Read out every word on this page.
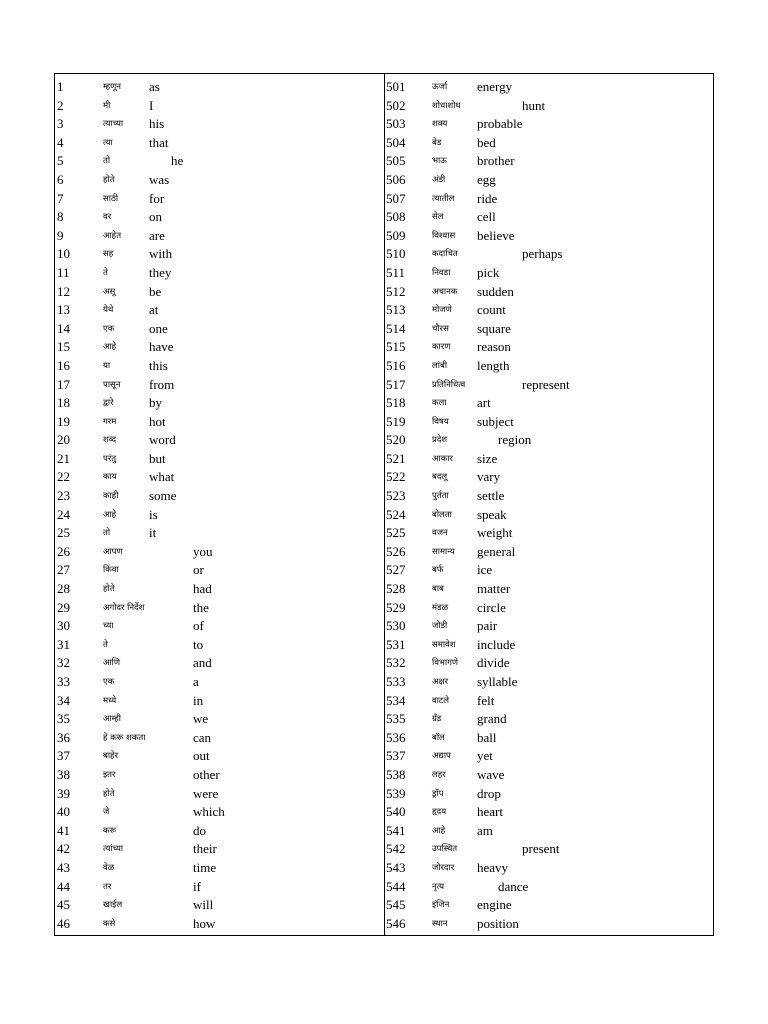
1	म्हणून as
2	मी	I
3	त्याच्या his
4	त्या	that
5	तो	he
6	होते	was
7	साठी for
8	वर	on
9	आहेत are
10	सह	with
11	ते	they
12	असू	be
13	येथे	at
14	एक	one
15	आहे	have
16	या	this
17	पासून from
18	द्वारे	by
19	गरम	hot
20	शब्द	word
21	परंतु	but
22	काय what
23	काही some
24	आहे	is
25	तो	it
26	आपण	you
27	किंवा	or
28	होते	had
29	अगोदर निर्देश	the
30	च्या	of
31	ते	to
32	आणि	and
33	एक	a
34	मध्ये	in
35	आम्ही	we
36	हे करू शकता	can
37	बाहेर	out
38	इतर	other
39	होते	were
40	जे	which
41	करू	do
42	त्यांच्या	their
43	वेळ	time
44	तर	if
45	खाईल	will
46	कसे	how
501	ऊर्जा energy
502	शोधाशोध	hunt
503	शक्य probable
504	बेड	bed
505	भाऊ brother
506	अंडी egg
507	त्यातील ride
508	सेल	cell
509	विश्वास believe
510	कदाचित	perhaps
511	निवडा pick
512	अचानक sudden
513	मोजणे count
514	चौरस square
515	कारण reason
516	लांबी length
517	प्रतिनिधित्व	represent
518	कला art
519	विषय subject
520	प्रदेश	region
521	आकार size
522	बदलू vary
523	पुर्तता settle
524	बोलता speak
525	वजन weight
526	सामान्य general
527	बर्फ	ice
528	बाब	matter
529	मंडळ circle
530	जोडी pair
531	समावेश include
532	विभागणे divide
533	अक्षर syllable
534	वाटले felt
535	ग्रँड	grand
536	बॉल ball
537	अद्याप yet
538	लहर wave
539	ड्रॉप	drop
540	हृदय heart
541	आहे am
542	उपस्थित	present
543	जोरदार heavy
544	नृत्य	dance
545	इंजिन engine
546	स्थान position
